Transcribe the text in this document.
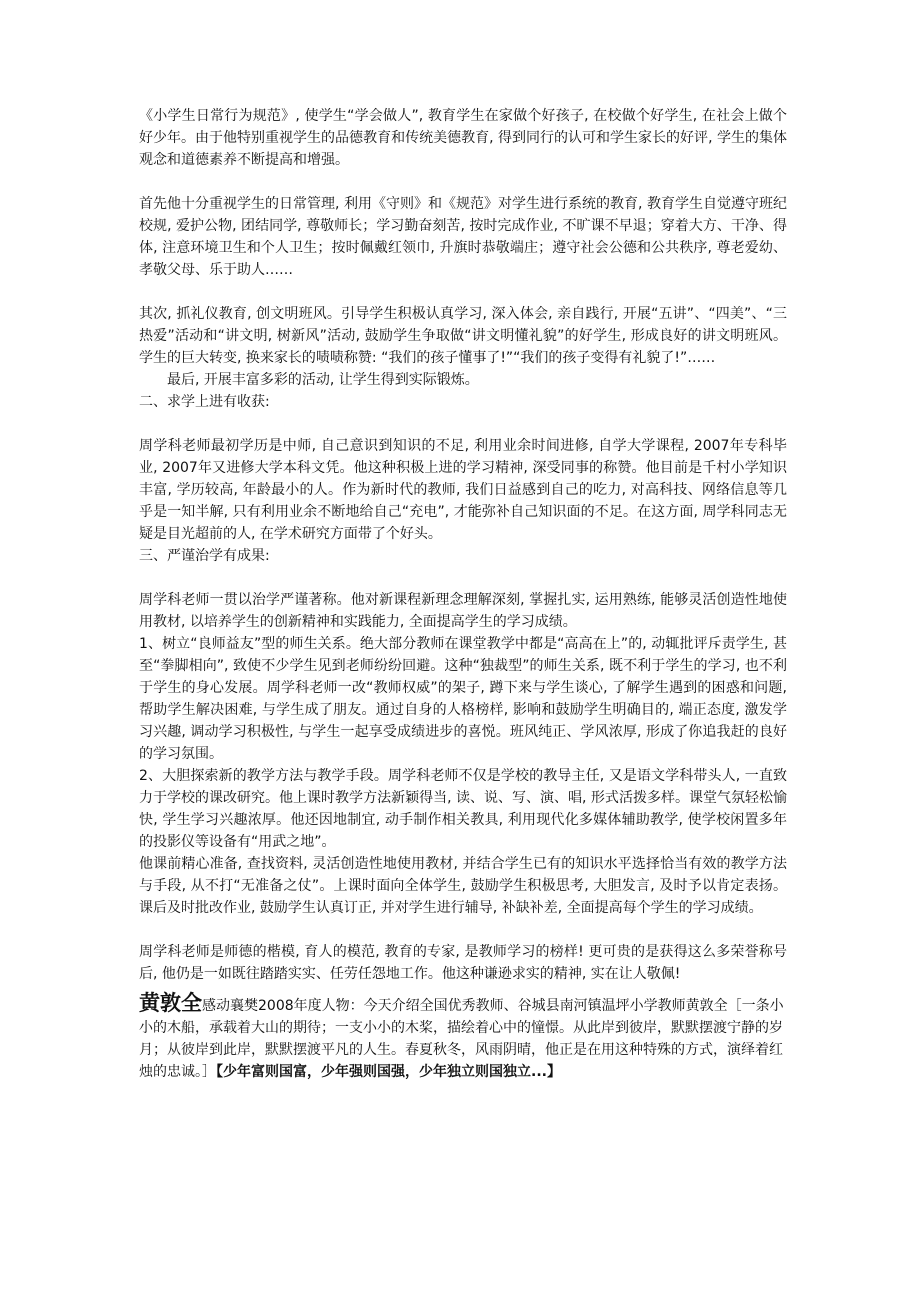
《小学生日常行为规范》, 使学生“学会做人”, 教育学生在家做个好孩子, 在校做个好学生, 在社会上做个好少年。由于他特别重视学生的品德教育和传统美德教育, 得到同行的认可和学生家长的好评, 学生的集体观念和道德素养不断提高和增强。

首先他十分重视学生的日常管理, 利用《守则》和《规范》对学生进行系统的教育, 教育学生自觉遵守班纪校规, 爱护公物, 团结同学, 尊敬师长；学习勤奋刻苦, 按时完成作业, 不旷课不早退；穿着大方、干净、得体, 注意环境卫生和个人卫生；按时佩戴红领巾, 升旗时恭敬端庄；遵守社会公德和公共秩序, 尊老爱幼、孝敬父母、乐于助人……

其次, 抓礼仪教育, 创文明班风。引导学生积极认真学习, 深入体会, 亲自践行, 开展“五讲”、“四美”、“三热爱”活动和“讲文明, 树新风”活动, 鼓励学生争取做“讲文明懂礼貌”的好学生, 形成良好的讲文明班风。学生的巨大转变, 换来家长的啧啧称赞: “我们的孩子懂事了!”“我们的孩子变得有礼貌了!”……

最后, 开展丰富多彩的活动, 让学生得到实际锻炼。

二、求学上进有收获:

周学科老师最初学历是中师, 自己意识到知识的不足, 利用业余时间进修, 自学大学课程, 2007年专科毕业, 2007年又进修大学本科文凭。他这种积极上进的学习精神, 深受同事的称赞。他目前是千村小学知识丰富, 学历较高, 年龄最小的人。作为新时代的教师, 我们日益感到自己的吃力, 对高科技、网络信息等几乎是一知半解, 只有利用业余不断地给自己“充电”, 才能弥补自己知识面的不足。在这方面, 周学科同志无疑是目光超前的人, 在学术研究方面带了个好头。

三、严谨治学有成果:

周学科老师一贯以治学严谨著称。他对新课程新理念理解深刻, 掌握扎实, 运用熟练, 能够灵活创造性地使用教材, 以培养学生的创新精神和实践能力, 全面提高学生的学习成绩。

1、树立“良师益友”型的师生关系。绝大部分教师在课堂教学中都是“高高在上”的, 动辄批评斥责学生, 甚至“拳脚相向”, 致使不少学生见到老师纷纷回避。这种“独裁型”的师生关系, 既不利于学生的学习, 也不利于学生的身心发展。周学科老师一改“教师权威”的架子, 蹲下来与学生谈心, 了解学生遇到的困惑和问题, 帮助学生解决困难, 与学生成了朋友。通过自身的人格榜样, 影响和鼓励学生明确目的, 端正态度, 激发学习兴趣, 调动学习积极性, 与学生一起享受成绩进步的喜悦。班风纯正、学风浓厚, 形成了你追我赶的良好的学习氛围。

2、大胆探索新的教学方法与教学手段。周学科老师不仅是学校的教导主任, 又是语文学科带头人, 一直致力于学校的课改研究。他上课时教学方法新颖得当, 读、说、写、演、唱, 形式活拨多样。课堂气氛轻松愉快, 学生学习兴趣浓厚。他还因地制宜, 动手制作相关教具, 利用现代化多媒体辅助教学, 使学校闲置多年的投影仪等设备有“用武之地”。

他课前精心准备, 查找资料, 灵活创造性地使用教材, 并结合学生已有的知识水平选择恰当有效的教学方法与手段, 从不打“无准备之仗”。上课时面向全体学生, 鼓励学生积极思考, 大胆发言, 及时予以肯定表扬。课后及时批改作业, 鼓励学生认真订正, 并对学生进行辅导, 补缺补差, 全面提高每个学生的学习成绩。

周学科老师是师德的楷模, 育人的模范, 教育的专家, 是教师学习的榜样! 更可贵的是获得这么多荣誉称号后, 他仍是一如既往踏踏实实、任劳任怨地工作。他这种谦逊求实的精神, 实在让人敬佩!

黄敦全感动襄樊2008年度人物：今天介绍全国优秀教师、谷城县南河镇温坪小学教师黄敦全［一条小小的木船，承载着大山的期待；一支小小的木桨，描绘着心中的憧憬。从此岸到彼岸，默默摆渡宁静的岁月；从彼岸到此岸，默默摆渡平凡的人生。春夏秋冬，风雨阴晴，他正是在用这种特殊的方式，演绎着红烛的忠诚。］【少年富则国富，少年强则国强，少年独立则国独立...】
